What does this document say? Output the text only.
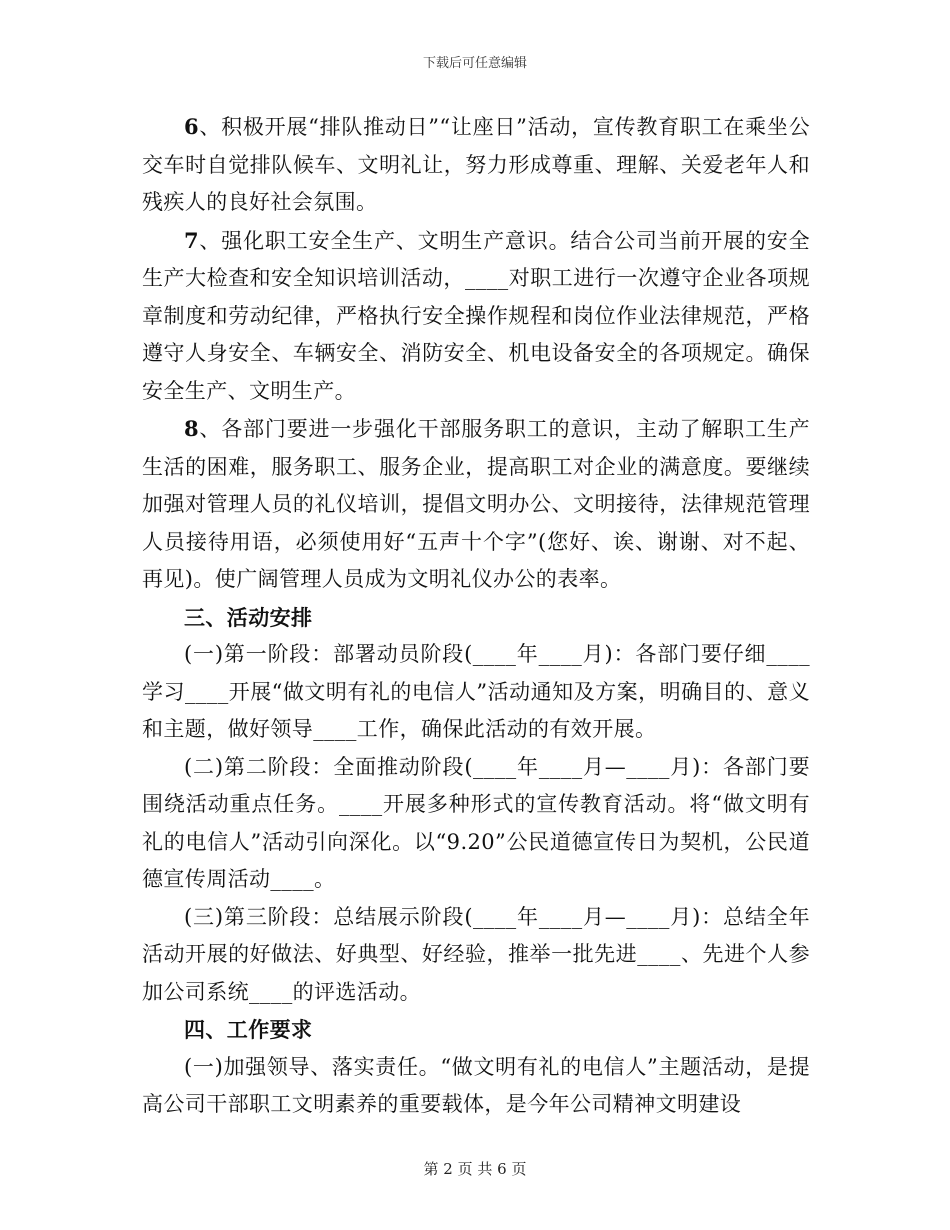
下载后可任意编辑

6、积极开展“排队推动日”“让座日”活动，宣传教育职工在乘坐公交车时自觉排队候车、文明礼让，努力形成尊重、理解、关爱老年人和残疾人的良好社会氛围。

7、强化职工安全生产、文明生产意识。结合公司当前开展的安全生产大检查和安全知识培训活动，____对职工进行一次遵守企业各项规章制度和劳动纪律，严格执行安全操作规程和岗位作业法律规范，严格遵守人身安全、车辆安全、消防安全、机电设备安全的各项规定。确保安全生产、文明生产。

8、各部门要进一步强化干部服务职工的意识，主动了解职工生产生活的困难，服务职工、服务企业，提高职工对企业的满意度。要继续加强对管理人员的礼仪培训，提倡文明办公、文明接待，法律规范管理人员接待用语，必须使用好“五声十个字”(您好、诶、谢谢、对不起、再见)。使广阔管理人员成为文明礼仪办公的表率。

三、活动安排

(一)第一阶段：部署动员阶段(____年____月)：各部门要仔细____学习____开展“做文明有礼的电信人”活动通知及方案，明确目的、意义和主题，做好领导____工作，确保此活动的有效开展。

(二)第二阶段：全面推动阶段(____年____月—____月)：各部门要围绕活动重点任务。____开展多种形式的宣传教育活动。将“做文明有礼的电信人”活动引向深化。以“9.20”公民道德宣传日为契机，公民道德宣传周活动____。

(三)第三阶段：总结展示阶段(____年____月—____月)：总结全年活动开展的好做法、好典型、好经验，推举一批先进____、先进个人参加公司系统____的评选活动。

四、工作要求

(一)加强领导、落实责任。“做文明有礼的电信人”主题活动，是提高公司干部职工文明素养的重要载体，是今年公司精神文明建设

第 2 页 共 6 页
